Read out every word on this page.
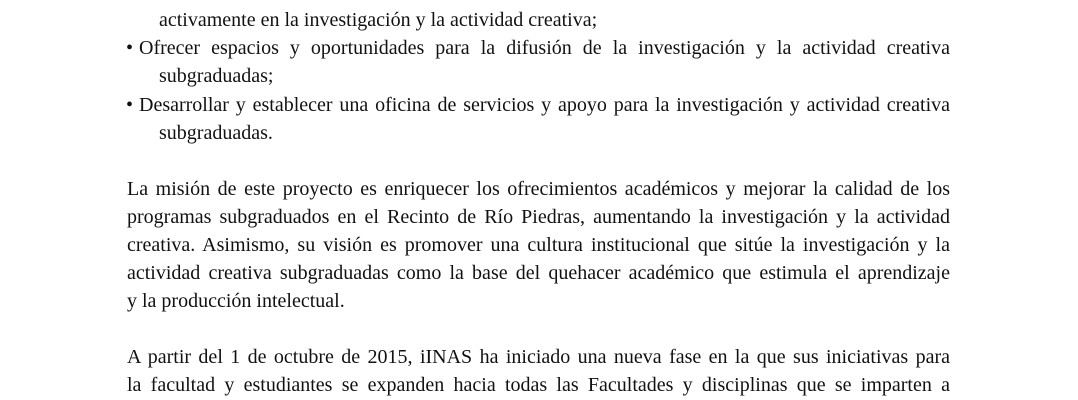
activamente en la investigación y la actividad creativa;
• Ofrecer espacios y oportunidades para la difusión de la investigación y la actividad creativa
subgraduadas;
• Desarrollar y establecer una oficina de servicios y apoyo para la investigación y actividad creativa
subgraduadas.
La misión de este proyecto es enriquecer los ofrecimientos académicos y mejorar la calidad de los
programas subgraduados en el Recinto de Río Piedras, aumentando la investigación y la actividad
creativa. Asimismo, su visión es promover una cultura institucional que sitúe la investigación y la
actividad creativa subgraduadas como la base del quehacer académico que estimula el aprendizaje
y la producción intelectual.
A partir del 1 de octubre de 2015, iINAS ha iniciado una nueva fase en la que sus iniciativas para
la facultad y estudiantes se expanden hacia todas las Facultades y disciplinas que se imparten a
